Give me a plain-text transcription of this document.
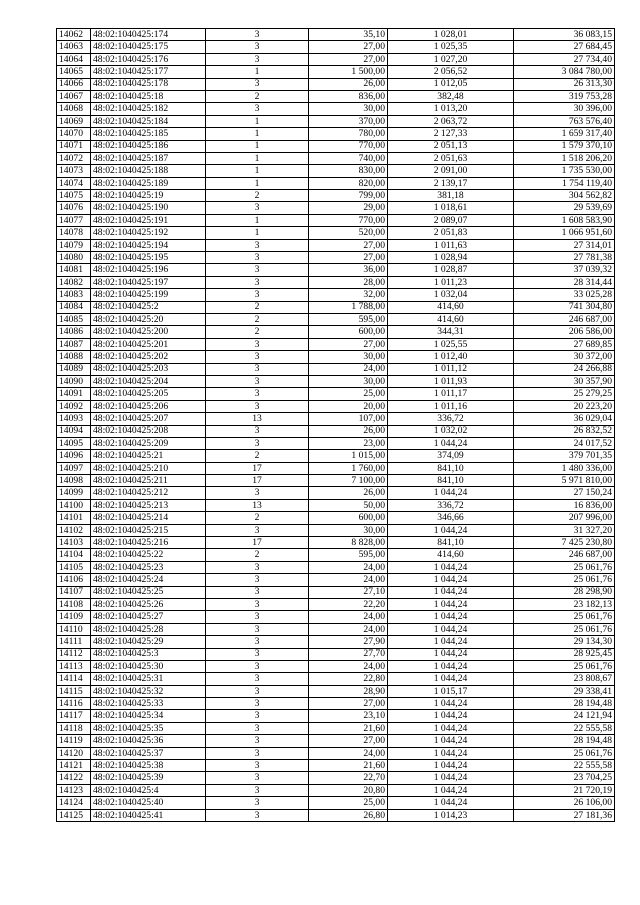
14062	48:02:1040425:174	3	35,10	1 028,01	36 083,15
14063	48:02:1040425:175	3	27,00	1 025,35	27 684,45
14064	48:02:1040425:176	3	27,00	1 027,20	27 734,40
14065	48:02:1040425:177	1	1 500,00	2 056,52	3 084 780,00
14066	48:02:1040425:178	3	26,00	1 012,05	26 313,30
14067	48:02:1040425:18	2	836,00	382,48	319 753,28
14068	48:02:1040425:182	3	30,00	1 013,20	30 396,00
14069	48:02:1040425:184	1	370,00	2 063,72	763 576,40
14070	48:02:1040425:185	1	780,00	2 127,33	1 659 317,40
14071	48:02:1040425:186	1	770,00	2 051,13	1 579 370,10
14072	48:02:1040425:187	1	740,00	2 051,63	1 518 206,20
14073	48:02:1040425:188	1	830,00	2 091,00	1 735 530,00
14074	48:02:1040425:189	1	820,00	2 139,17	1 754 119,40
14075	48:02:1040425:19	2	799,00	381,18	304 562,82
14076	48:02:1040425:190	3	29,00	1 018,61	29 539,69
14077	48:02:1040425:191	1	770,00	2 089,07	1 608 583,90
14078	48:02:1040425:192	1	520,00	2 051,83	1 066 951,60
14079	48:02:1040425:194	3	27,00	1 011,63	27 314,01
14080	48:02:1040425:195	3	27,00	1 028,94	27 781,38
14081	48:02:1040425:196	3	36,00	1 028,87	37 039,32
14082	48:02:1040425:197	3	28,00	1 011,23	28 314,44
14083	48:02:1040425:199	3	32,00	1 032,04	33 025,28
14084	48:02:1040425:2	2	1 788,00	414,60	741 304,80
14085	48:02:1040425:20	2	595,00	414,60	246 687,00
14086	48:02:1040425:200	2	600,00	344,31	206 586,00
14087	48:02:1040425:201	3	27,00	1 025,55	27 689,85
14088	48:02:1040425:202	3	30,00	1 012,40	30 372,00
14089	48:02:1040425:203	3	24,00	1 011,12	24 266,88
14090	48:02:1040425:204	3	30,00	1 011,93	30 357,90
14091	48:02:1040425:205	3	25,00	1 011,17	25 279,25
14092	48:02:1040425:206	3	20,00	1 011,16	20 223,20
14093	48:02:1040425:207	13	107,00	336,72	36 029,04
14094	48:02:1040425:208	3	26,00	1 032,02	26 832,52
14095	48:02:1040425:209	3	23,00	1 044,24	24 017,52
14096	48:02:1040425:21	2	1 015,00	374,09	379 701,35
14097	48:02:1040425:210	17	1 760,00	841,10	1 480 336,00
14098	48:02:1040425:211	17	7 100,00	841,10	5 971 810,00
14099	48:02:1040425:212	3	26,00	1 044,24	27 150,24
14100	48:02:1040425:213	13	50,00	336,72	16 836,00
14101	48:02:1040425:214	2	600,00	346,66	207 996,00
14102	48:02:1040425:215	3	30,00	1 044,24	31 327,20
14103	48:02:1040425:216	17	8 828,00	841,10	7 425 230,80
14104	48:02:1040425:22	2	595,00	414,60	246 687,00
14105	48:02:1040425:23	3	24,00	1 044,24	25 061,76
14106	48:02:1040425:24	3	24,00	1 044,24	25 061,76
14107	48:02:1040425:25	3	27,10	1 044,24	28 298,90
14108	48:02:1040425:26	3	22,20	1 044,24	23 182,13
14109	48:02:1040425:27	3	24,00	1 044,24	25 061,76
14110	48:02:1040425:28	3	24,00	1 044,24	25 061,76
14111	48:02:1040425:29	3	27,90	1 044,24	29 134,30
14112	48:02:1040425:3	3	27,70	1 044,24	28 925,45
14113	48:02:1040425:30	3	24,00	1 044,24	25 061,76
14114	48:02:1040425:31	3	22,80	1 044,24	23 808,67
14115	48:02:1040425:32	3	28,90	1 015,17	29 338,41
14116	48:02:1040425:33	3	27,00	1 044,24	28 194,48
14117	48:02:1040425:34	3	23,10	1 044,24	24 121,94
14118	48:02:1040425:35	3	21,60	1 044,24	22 555,58
14119	48:02:1040425:36	3	27,00	1 044,24	28 194,48
14120	48:02:1040425:37	3	24,00	1 044,24	25 061,76
14121	48:02:1040425:38	3	21,60	1 044,24	22 555,58
14122	48:02:1040425:39	3	22,70	1 044,24	23 704,25
14123	48:02:1040425:4	3	20,80	1 044,24	21 720,19
14124	48:02:1040425:40	3	25,00	1 044,24	26 106,00
14125	48:02:1040425:41	3	26,80	1 014,23	27 181,36
